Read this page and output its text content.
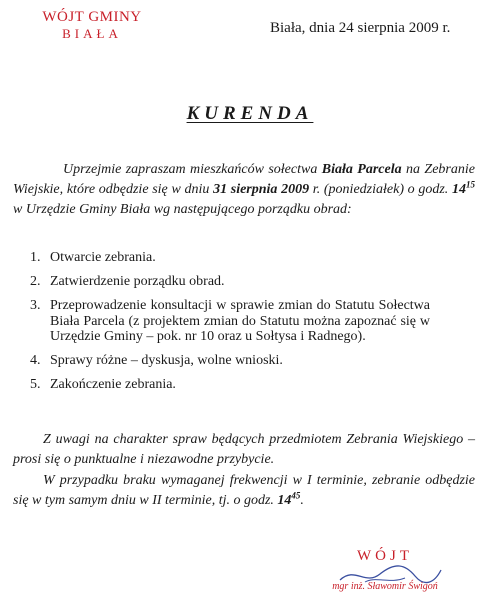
WÓJT GMINY
BIAŁA	Biała, dnia 24 sierpnia 2009 r.
KURENDA

Uprzejmie zapraszam mieszkańców sołectwa Biała Parcela na Zebranie Wiejskie, które odbędzie się w dniu 31 sierpnia 2009 r. (poniedziałek) o godz. $14^{15}$ w Urzędzie Gminy Biała wg następującego porządku obrad:

1. Otwarcie zebrania.
2. Zatwierdzenie porządku obrad.
3. Przeprowadzenie konsultacji w sprawie zmian do Statutu Sołectwa Biała Parcela (z projektem zmian do Statutu można zapoznać się w Urzędzie Gminy – pok. nr 10 oraz u Sołtysa i Radnego).
4. Sprawy różne – dyskusja, wolne wnioski.
5. Zakończenie zebrania.

Z uwagi na charakter spraw będących przedmiotem Zebrania Wiejskiego – prosi się o punktualne i niezawodne przybycie.

W przypadku braku wymaganej frekwencji w I terminie, zebranie odbędzie się w tym samym dniu w II terminie, tj. o godz. $14^{45}$.

WÓJT
mgr inż. Sławomir Świgoń
